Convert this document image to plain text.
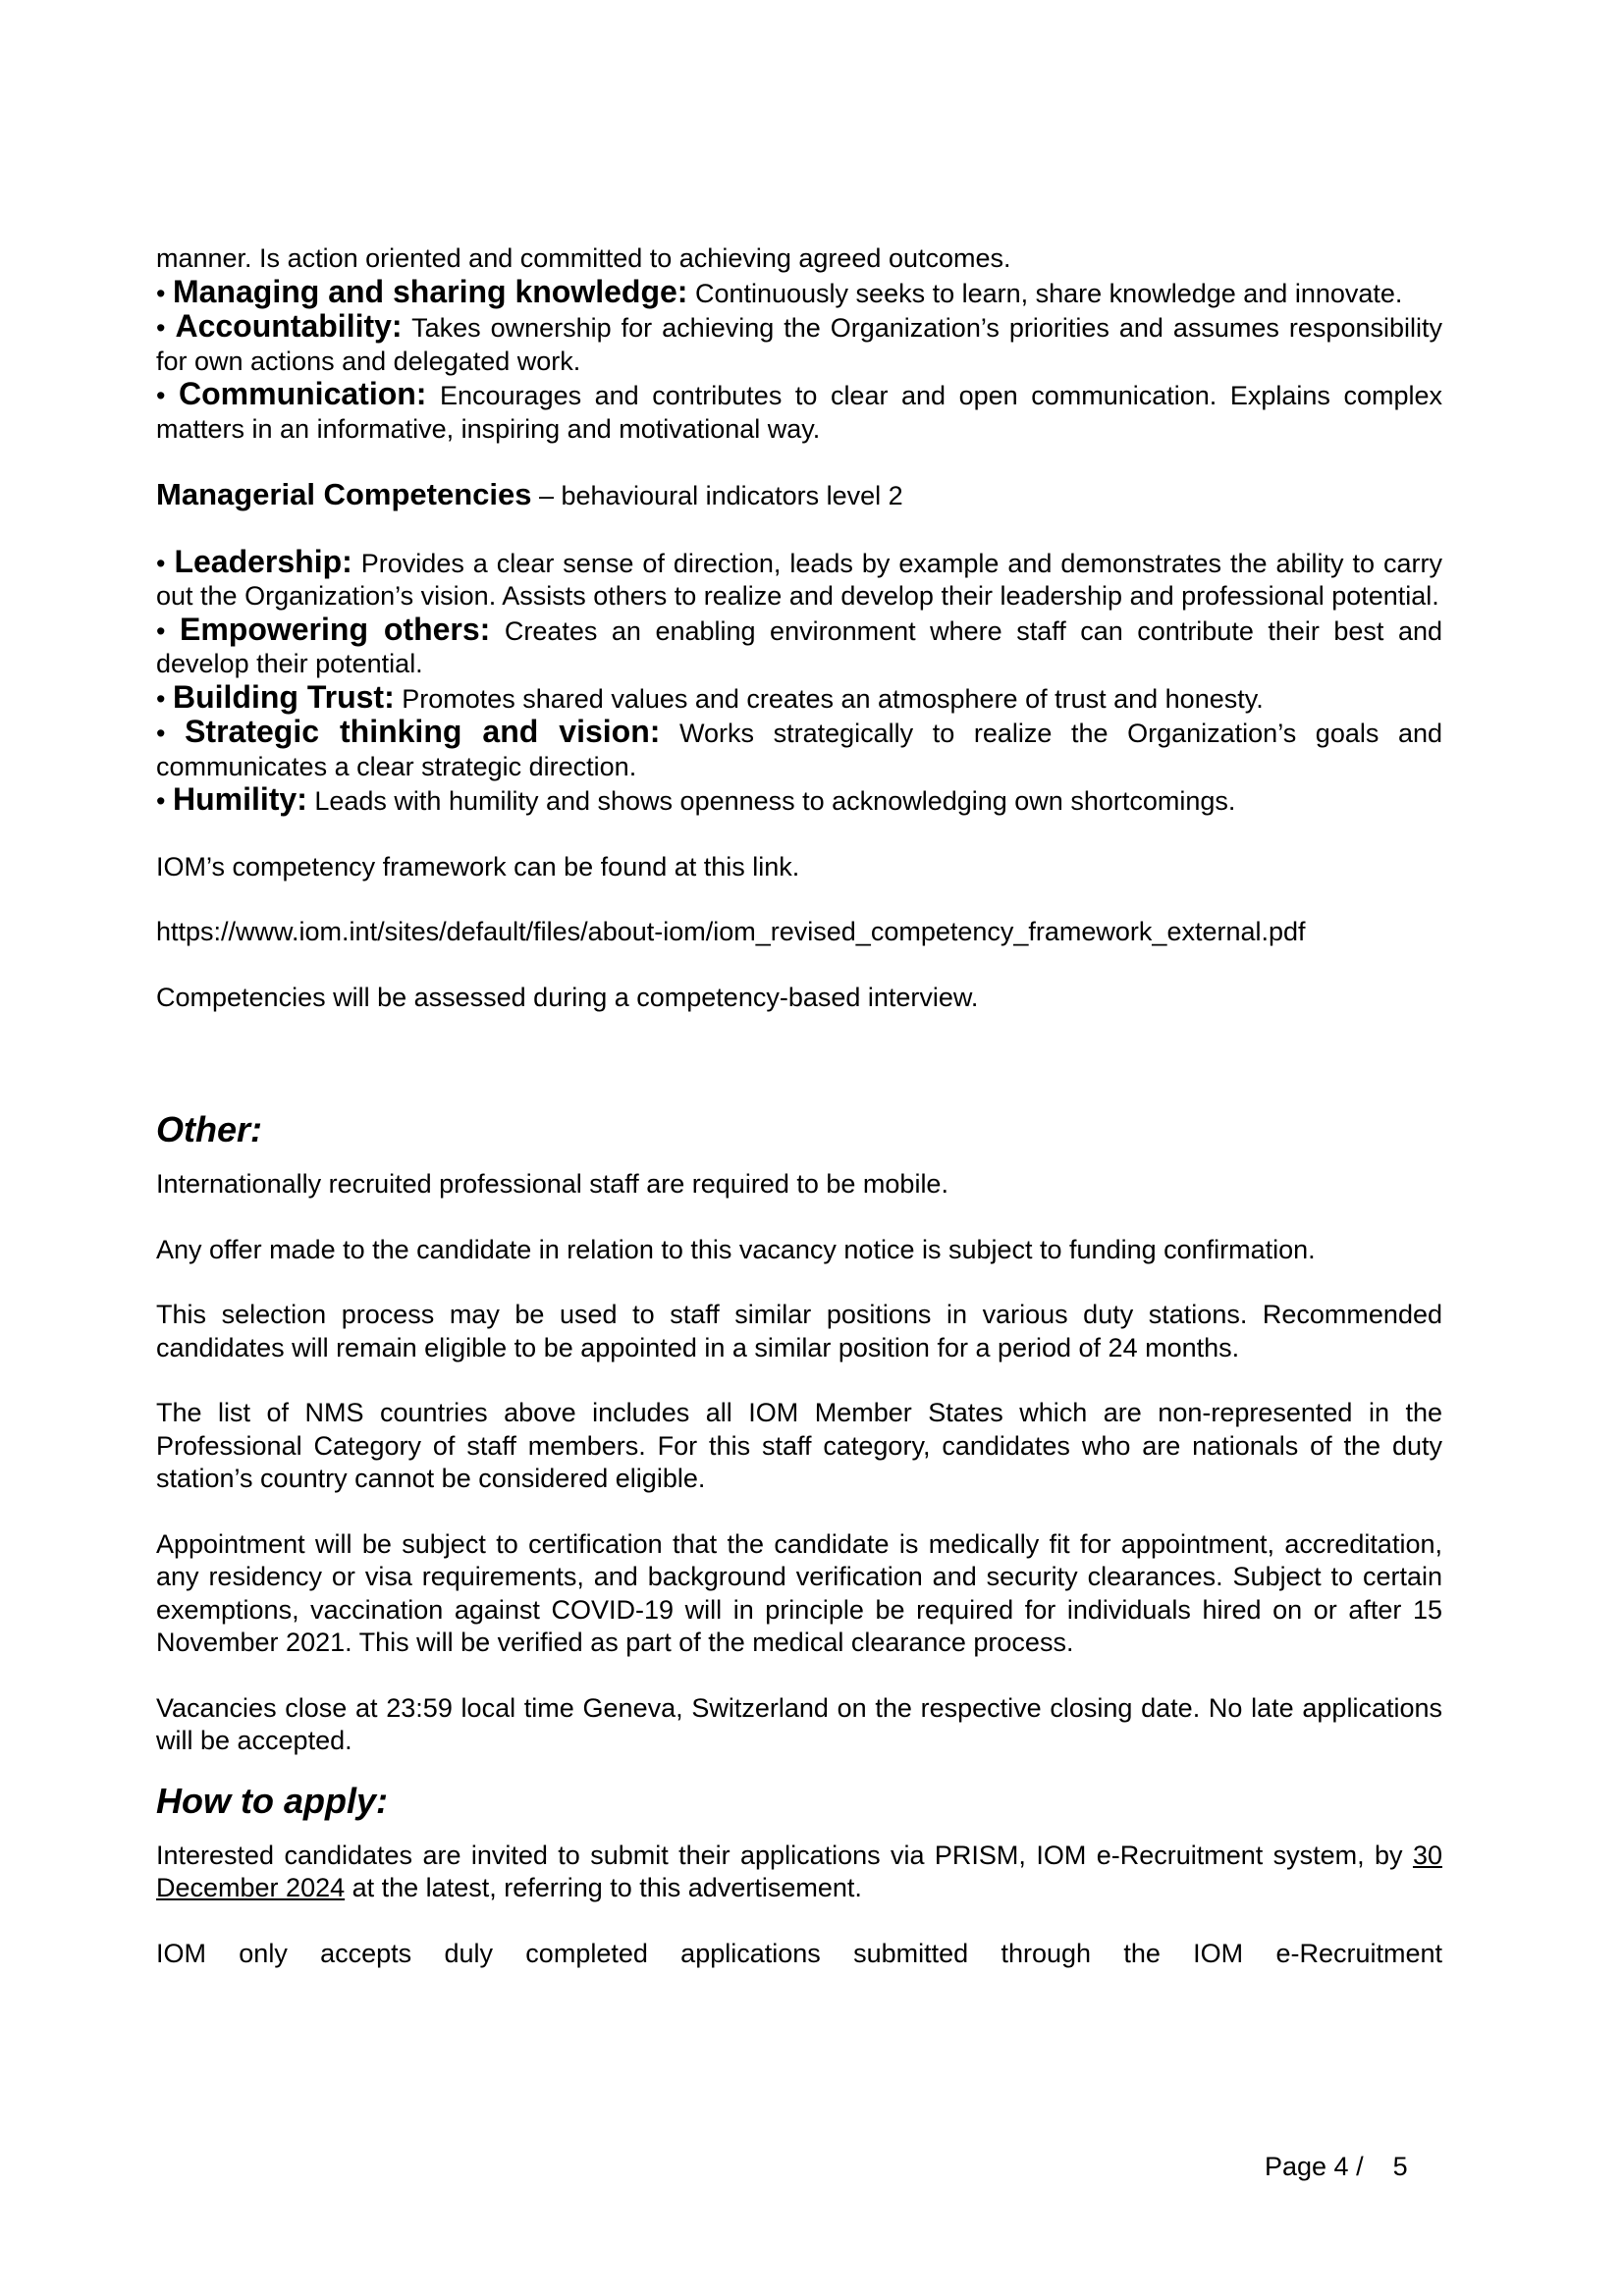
manner. Is action oriented and committed to achieving agreed outcomes.

• Managing and sharing knowledge: Continuously seeks to learn, share knowledge and innovate.

• Accountability: Takes ownership for achieving the Organization’s priorities and assumes responsibility for own actions and delegated work.

• Communication: Encourages and contributes to clear and open communication. Explains complex matters in an informative, inspiring and motivational way.

Managerial Competencies – behavioural indicators level 2

• Leadership: Provides a clear sense of direction, leads by example and demonstrates the ability to carry out the Organization’s vision. Assists others to realize and develop their leadership and professional potential.

• Empowering others: Creates an enabling environment where staff can contribute their best and develop their potential.

• Building Trust: Promotes shared values and creates an atmosphere of trust and honesty.

• Strategic thinking and vision: Works strategically to realize the Organization’s goals and communicates a clear strategic direction.

• Humility: Leads with humility and shows openness to acknowledging own shortcomings.

IOM’s competency framework can be found at this link.

https://www.iom.int/sites/default/files/about-iom/iom_revised_competency_framework_external.pdf

Competencies will be assessed during a competency-based interview.

Other:

Internationally recruited professional staff are required to be mobile.

Any offer made to the candidate in relation to this vacancy notice is subject to funding confirmation.

This selection process may be used to staff similar positions in various duty stations. Recommended candidates will remain eligible to be appointed in a similar position for a period of 24 months.

The list of NMS countries above includes all IOM Member States which are non-represented in the Professional Category of staff members. For this staff category, candidates who are nationals of the duty station’s country cannot be considered eligible.

Appointment will be subject to certification that the candidate is medically fit for appointment, accreditation, any residency or visa requirements, and background verification and security clearances. Subject to certain exemptions, vaccination against COVID-19 will in principle be required for individuals hired on or after 15 November 2021. This will be verified as part of the medical clearance process.

Vacancies close at 23:59 local time Geneva, Switzerland on the respective closing date. No late applications will be accepted.

How to apply:

Interested candidates are invited to submit their applications via PRISM, IOM e-Recruitment system, by 30 December 2024 at the latest, referring to this advertisement.

IOM only accepts duly completed applications submitted through the IOM e-Recruitment

Page 4 / 5
